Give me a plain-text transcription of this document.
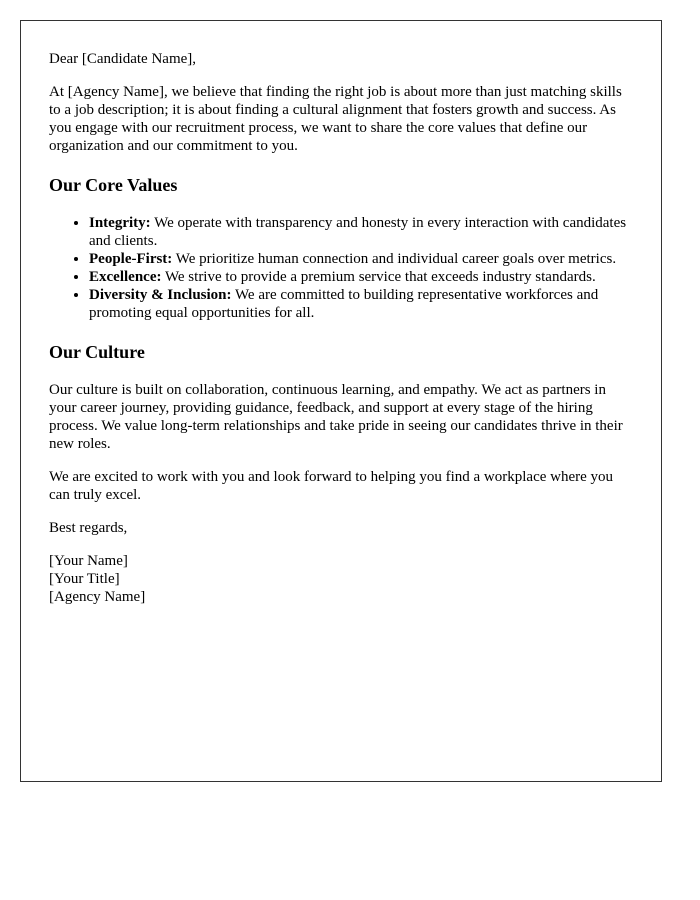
Dear [Candidate Name],

At [Agency Name], we believe that finding the right job is about more than just matching skills to a job description; it is about finding a cultural alignment that fosters growth and success. As you engage with our recruitment process, we want to share the core values that define our organization and our commitment to you.

Our Core Values
• Integrity: We operate with transparency and honesty in every interaction with candidates and clients.
• People-First: We prioritize human connection and individual career goals over metrics.
• Excellence: We strive to provide a premium service that exceeds industry standards.
• Diversity & Inclusion: We are committed to building representative workforces and promoting equal opportunities for all.
Our Culture

Our culture is built on collaboration, continuous learning, and empathy. We act as partners in your career journey, providing guidance, feedback, and support at every stage of the hiring process. We value long-term relationships and take pride in seeing our candidates thrive in their new roles.

We are excited to work with you and look forward to helping you find a workplace where you can truly excel.

Best regards,

[Your Name]

[Your Title]

[Agency Name]
